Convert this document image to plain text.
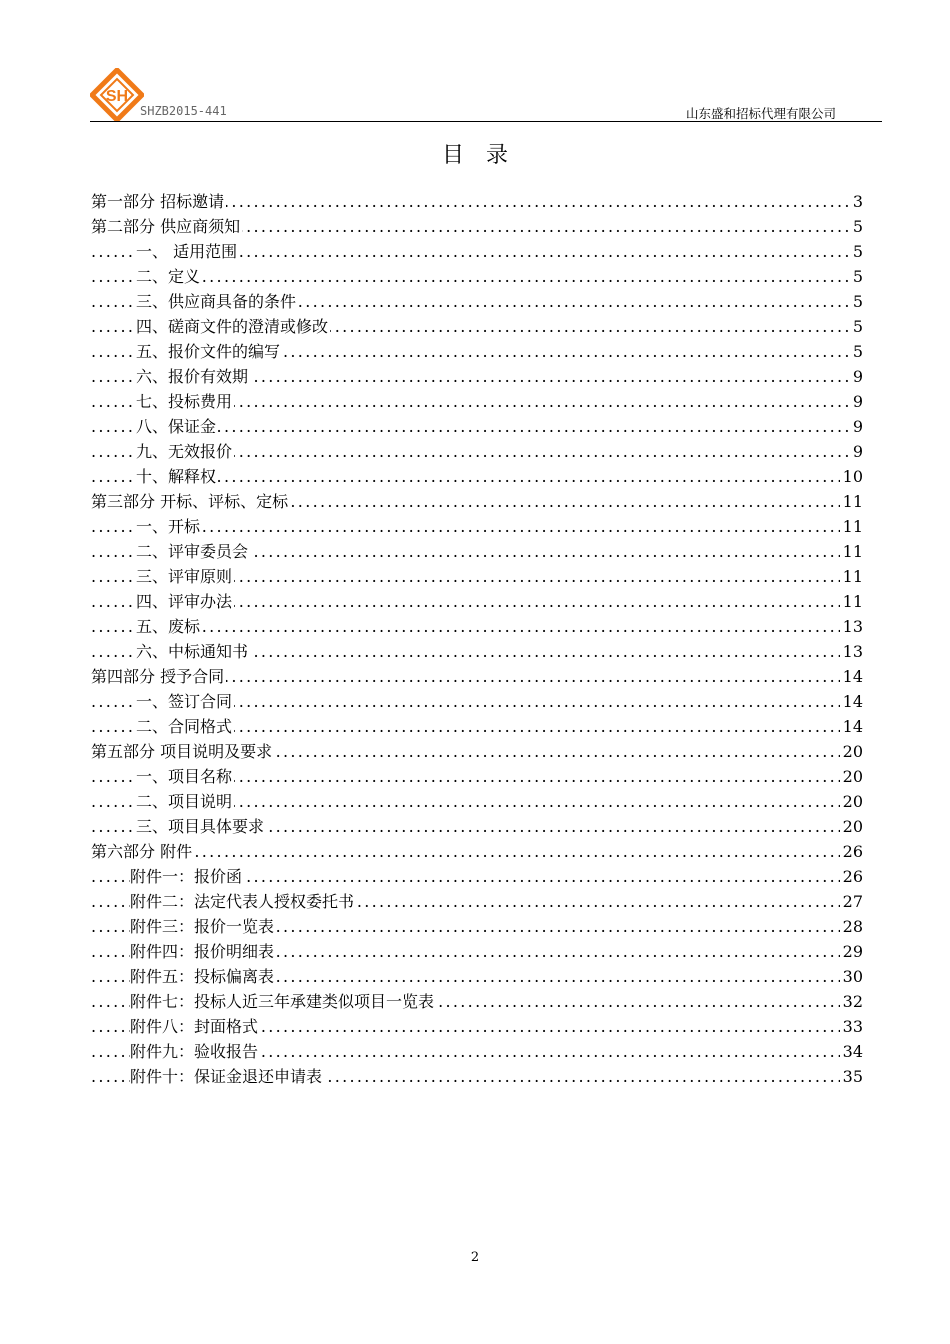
SH
SHZB2015-441	山东盛和招标代理有限公司
目录
.....
第一部分 招标邀请	3
.....
第二部分 供应商须知	5
.....
一、 适用范围	5
.....
二、定义	5
.....
三、供应商具备的条件	5
.....
四、磋商文件的澄清或修改	5
.....
五、报价文件的编写	5
.....
六、报价有效期	9
.....
七、投标费用	9
.....
八、保证金	9
.....
九、无效报价	9
.....
十、解释权	10
.....
第三部分 开标、评标、定标	11
.....
一、开标	11
.....
二、评审委员会	11
.....
三、评审原则	11
.....
四、评审办法	11
.....
五、废标	13
.....
六、中标通知书	13
.....
第四部分 授予合同	14
.....
一、签订合同	14
.....
二、合同格式	14
.....
第五部分 项目说明及要求	20
.....
一、项目名称	20
.....
二、项目说明	20
.....
三、项目具体要求	20
.....
第六部分 附件	26
.....
附件一：报价函	26
.....
附件二：法定代表人授权委托书	27
.....
附件三：报价一览表	28
.....
附件四：报价明细表	29
.....
附件五：投标偏离表	30
.....
附件七：投标人近三年承建类似项目一览表	32
.....
附件八：封面格式	33
.....
附件九：验收报告	34
.....
附件十：保证金退还申请表	35
2
